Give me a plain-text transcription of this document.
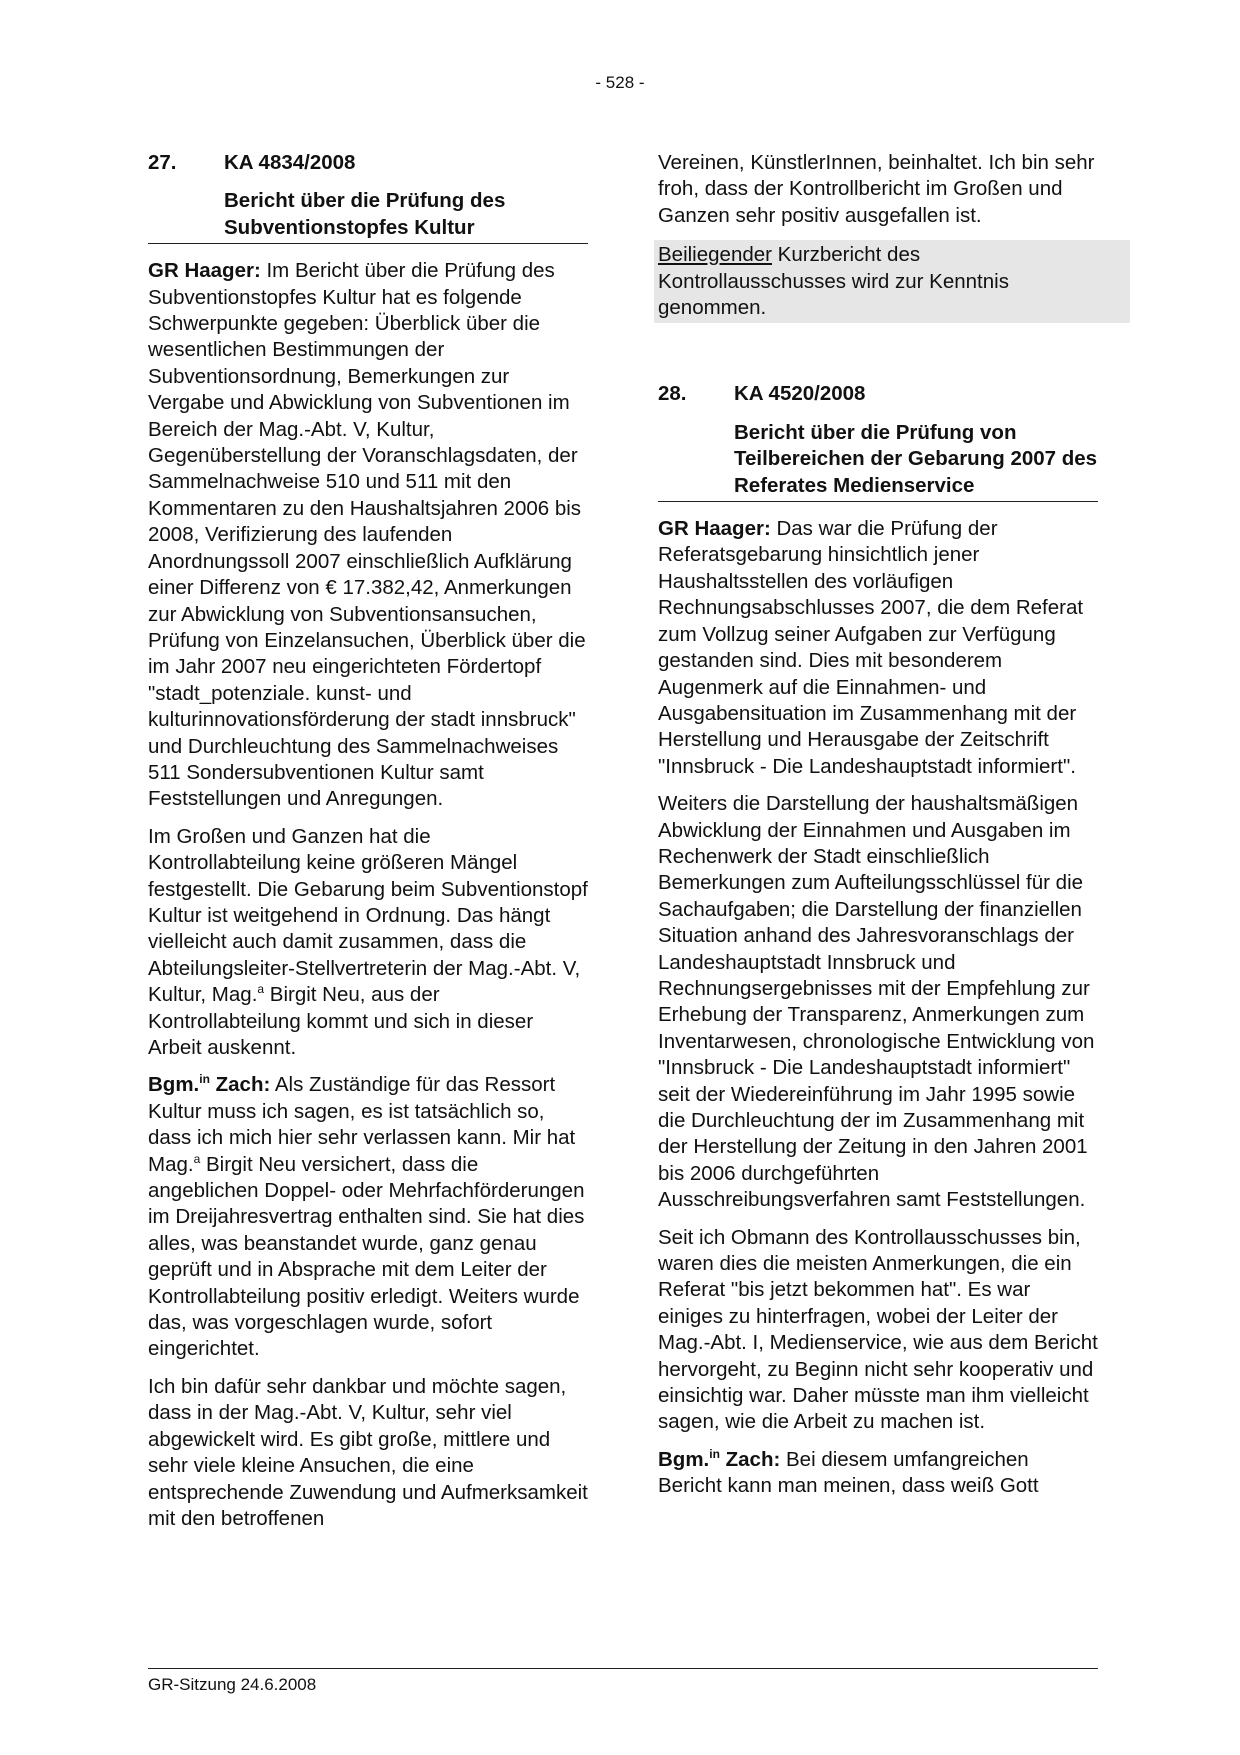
- 528 -
27.	KA 4834/2008
Bericht über die Prüfung des Subventionstopfes Kultur

GR Haager: Im Bericht über die Prüfung des Subventionstopfes Kultur hat es folgende Schwerpunkte gegeben: Überblick über die wesentlichen Bestimmungen der Subventionsordnung, Bemerkungen zur Vergabe und Abwicklung von Subventionen im Bereich der Mag.-Abt. V, Kultur, Gegenüberstellung der Voranschlagsdaten, der Sammelnachweise 510 und 511 mit den Kommentaren zu den Haushaltsjahren 2006 bis 2008, Verifizierung des laufenden Anordnungssoll 2007 einschließlich Aufklärung einer Differenz von € 17.382,42, Anmerkungen zur Abwicklung von Subventionsansuchen, Prüfung von Einzelansuchen, Überblick über die im Jahr 2007 neu eingerichteten Fördertopf "stadt_potenziale. kunst- und kulturinnovationsförderung der stadt innsbruck" und Durchleuchtung des Sammelnachweises 511 Sondersubventionen Kultur samt Feststellungen und Anregungen.

Im Großen und Ganzen hat die Kontrollabteilung keine größeren Mängel festgestellt. Die Gebarung beim Subventionstopf Kultur ist weitgehend in Ordnung. Das hängt vielleicht auch damit zusammen, dass die Abteilungsleiter-Stellvertreterin der Mag.-Abt. V, Kultur, Mag.$^a$ Birgit Neu, aus der Kontrollabteilung kommt und sich in dieser Arbeit auskennt.

Bgm.$^{in}$ Zach: Als Zuständige für das Ressort Kultur muss ich sagen, es ist tatsächlich so, dass ich mich hier sehr verlassen kann. Mir hat Mag.$^a$ Birgit Neu versichert, dass die angeblichen Doppel- oder Mehrfachförderungen im Dreijahresvertrag enthalten sind. Sie hat dies alles, was beanstandet wurde, ganz genau geprüft und in Absprache mit dem Leiter der Kontrollabteilung positiv erledigt. Weiters wurde das, was vorgeschlagen wurde, sofort eingerichtet.

Ich bin dafür sehr dankbar und möchte sagen, dass in der Mag.-Abt. V, Kultur, sehr viel abgewickelt wird. Es gibt große, mittlere und sehr viele kleine Ansuchen, die eine entsprechende Zuwendung und Aufmerksamkeit mit den betroffenen

Vereinen, KünstlerInnen, beinhaltet. Ich bin sehr froh, dass der Kontrollbericht im Großen und Ganzen sehr positiv ausgefallen ist.

Beiliegender Kurzbericht des Kontrollausschusses wird zur Kenntnis genommen.
28.	KA 4520/2008
Bericht über die Prüfung von Teilbereichen der Gebarung 2007 des Referates Medienservice

GR Haager: Das war die Prüfung der Referatsgebarung hinsichtlich jener Haushaltsstellen des vorläufigen Rechnungsabschlusses 2007, die dem Referat zum Vollzug seiner Aufgaben zur Verfügung gestanden sind. Dies mit besonderem Augenmerk auf die Einnahmen- und Ausgabensituation im Zusammenhang mit der Herstellung und Herausgabe der Zeitschrift "Innsbruck - Die Landeshauptstadt informiert".

Weiters die Darstellung der haushaltsmäßigen Abwicklung der Einnahmen und Ausgaben im Rechenwerk der Stadt einschließlich Bemerkungen zum Aufteilungsschlüssel für die Sachaufgaben; die Darstellung der finanziellen Situation anhand des Jahresvoranschlags der Landeshauptstadt Innsbruck und Rechnungsergebnisses mit der Empfehlung zur Erhebung der Transparenz, Anmerkungen zum Inventarwesen, chronologische Entwicklung von "Innsbruck - Die Landeshauptstadt informiert" seit der Wiedereinführung im Jahr 1995 sowie die Durchleuchtung der im Zusammenhang mit der Herstellung der Zeitung in den Jahren 2001 bis 2006 durchgeführten Ausschreibungsverfahren samt Feststellungen.

Seit ich Obmann des Kontrollausschusses bin, waren dies die meisten Anmerkungen, die ein Referat "bis jetzt bekommen hat". Es war einiges zu hinterfragen, wobei der Leiter der Mag.-Abt. I, Medienservice, wie aus dem Bericht hervorgeht, zu Beginn nicht sehr kooperativ und einsichtig war. Daher müsste man ihm vielleicht sagen, wie die Arbeit zu machen ist.

Bgm.$^{in}$ Zach: Bei diesem umfangreichen Bericht kann man meinen, dass weiß Gott

GR-Sitzung 24.6.2008
